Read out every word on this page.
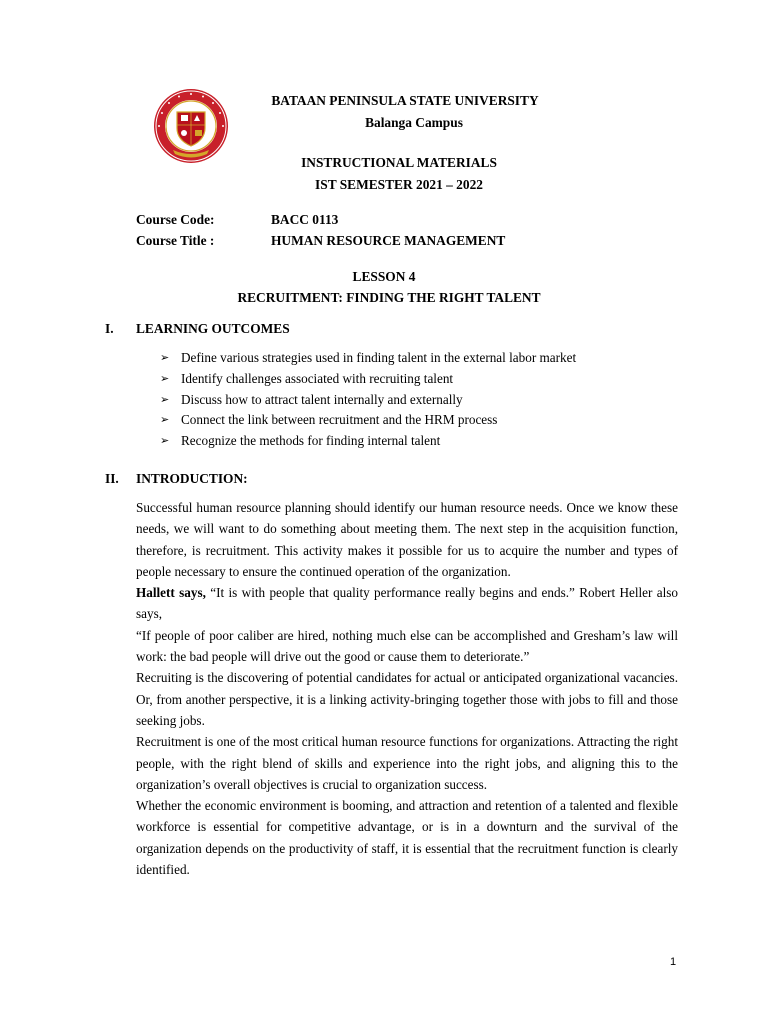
BATAAN PENINSULA STATE UNIVERSITY
Balanga Campus
INSTRUCTIONAL MATERIALS
IST SEMESTER 2021 – 2022
Course Code:	BACC 0113
Course Title :	HUMAN RESOURCE MANAGEMENT
LESSON 4
RECRUITMENT: FINDING THE RIGHT TALENT
I. LEARNING OUTCOMES
➢ Define various strategies used in finding talent in the external labor market
➢ Identify challenges associated with recruiting talent
➢ Discuss how to attract talent internally and externally
➢ Connect the link between recruitment and the HRM process
➢ Recognize the methods for finding internal talent
II. INTRODUCTION:

Successful human resource planning should identify our human resource needs. Once we know these needs, we will want to do something about meeting them. The next step in the acquisition function, therefore, is recruitment. This activity makes it possible for us to acquire the number and types of people necessary to ensure the continued operation of the organization.

Hallett says, “It is with people that quality performance really begins and ends.” Robert Heller also says,

“If people of poor caliber are hired, nothing much else can be accomplished and Gresham’s law will work: the bad people will drive out the good or cause them to deteriorate.”

Recruiting is the discovering of potential candidates for actual or anticipated organizational vacancies. Or, from another perspective, it is a linking activity-bringing together those with jobs to fill and those seeking jobs.

Recruitment is one of the most critical human resource functions for organizations. Attracting the right people, with the right blend of skills and experience into the right jobs, and aligning this to the organization’s overall objectives is crucial to organization success.

Whether the economic environment is booming, and attraction and retention of a talented and flexible workforce is essential for competitive advantage, or is in a downturn and the survival of the organization depends on the productivity of staff, it is essential that the recruitment function is clearly identified.

1
